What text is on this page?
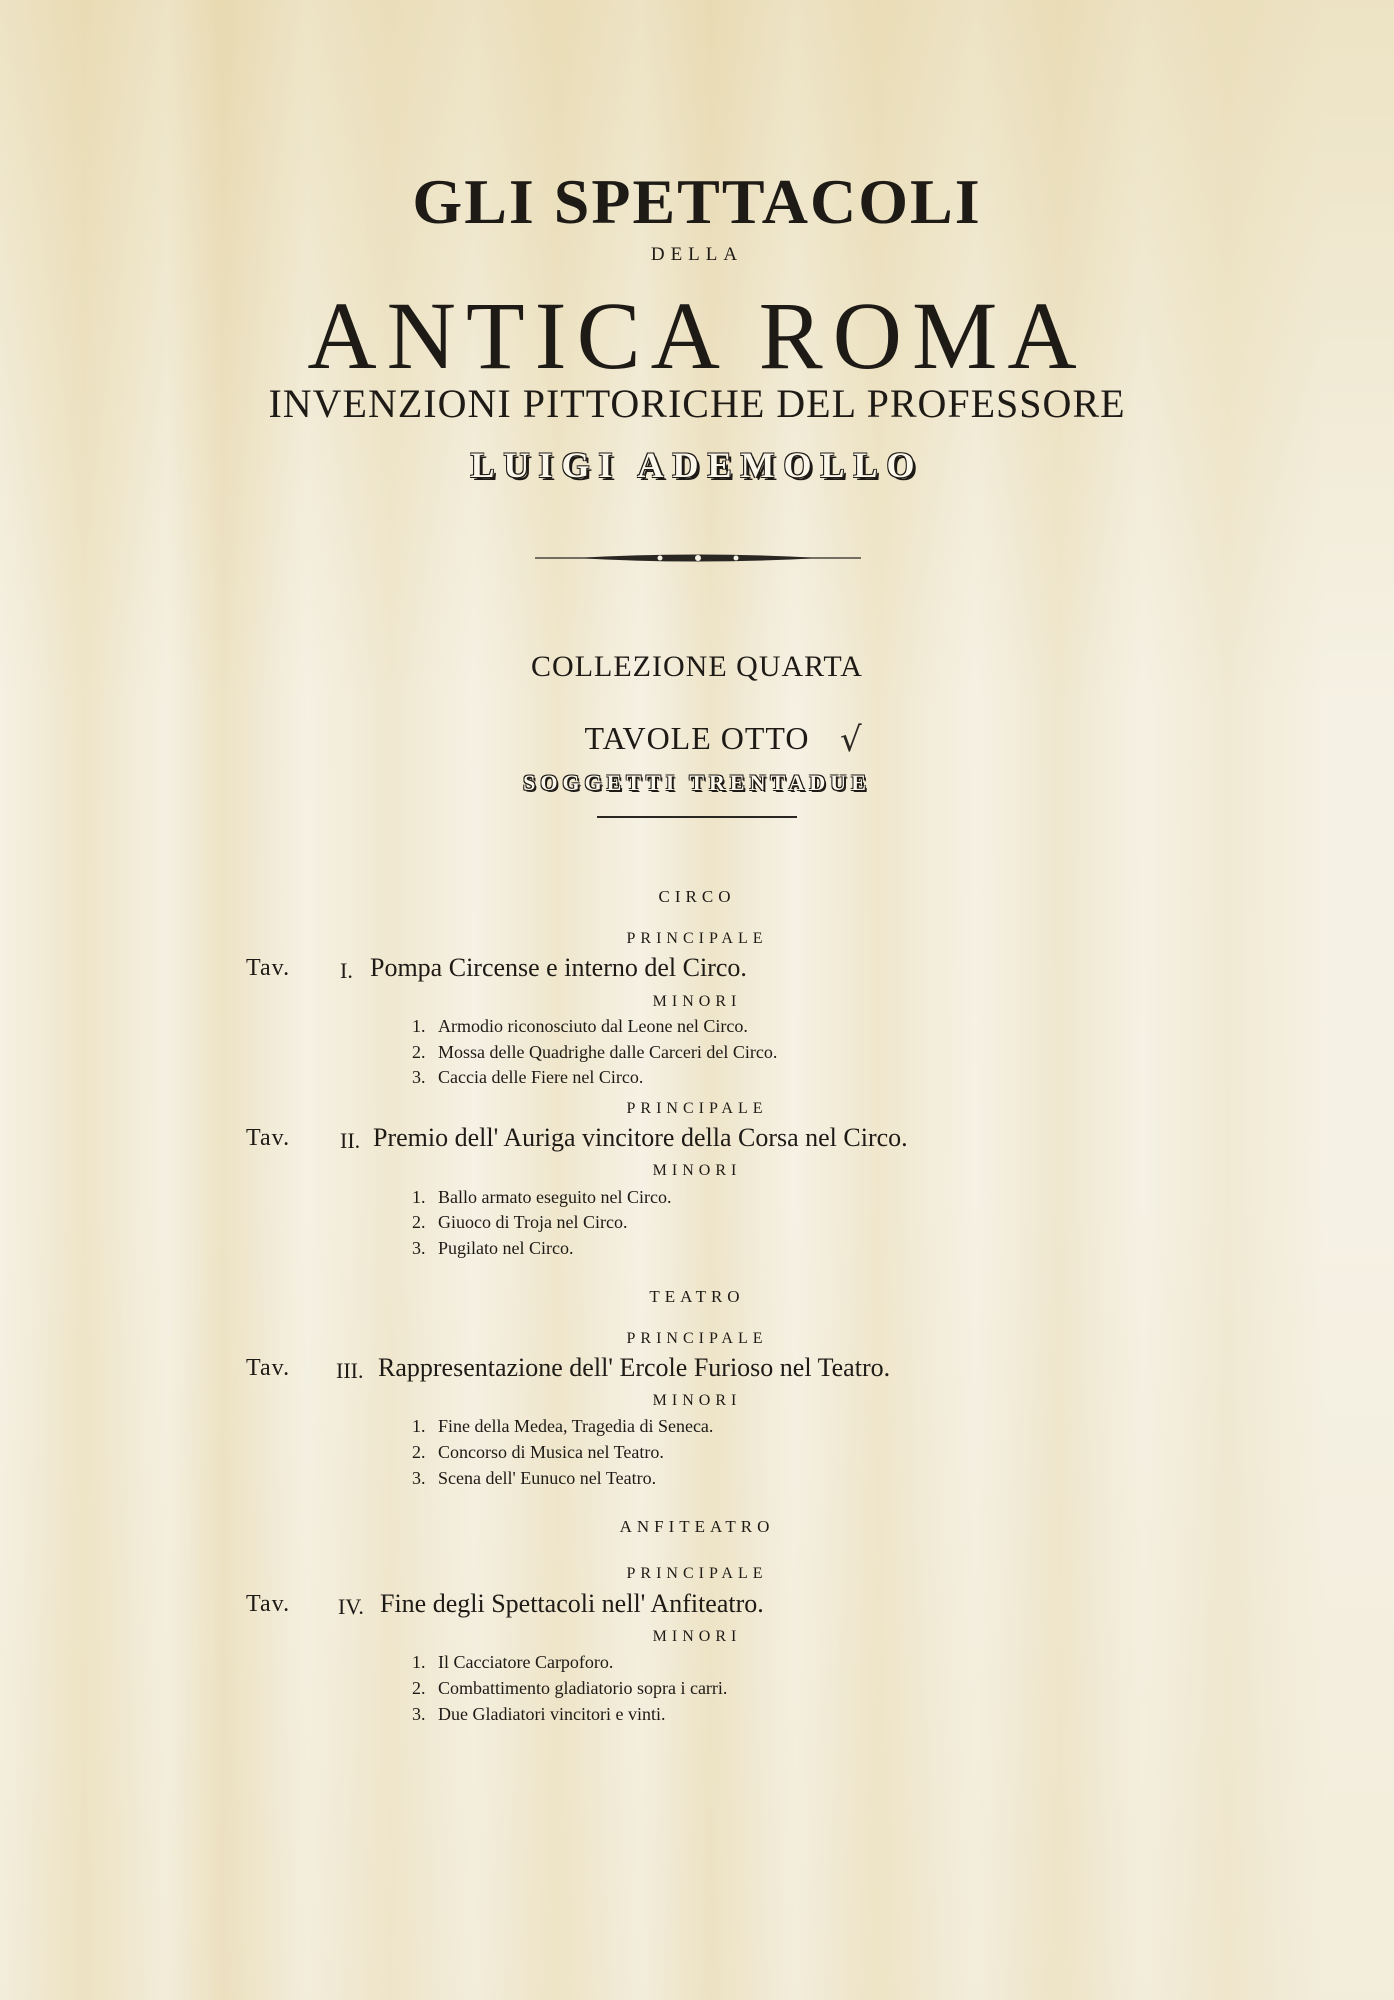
GLI SPETTACOLI
DELLA
ANTICA ROMA
INVENZIONI PITTORICHE DEL PROFESSORE
LUIGI ADEMOLLO
COLLEZIONE QUARTA
TAVOLE OTTO √
SOGGETTI TRENTADUE
CIRCO
PRINCIPALE
Tav. I. Pompa Circense e interno del Circo.
MINORI
1. Armodio riconosciuto dal Leone nel Circo.
2. Mossa delle Quadrighe dalle Carceri del Circo.
3. Caccia delle Fiere nel Circo.
PRINCIPALE
Tav. II. Premio dell' Auriga vincitore della Corsa nel Circo.
MINORI
1. Ballo armato eseguito nel Circo.
2. Giuoco di Troja nel Circo.
3. Pugilato nel Circo.
TEATRO
PRINCIPALE
Tav. III. Rappresentazione dell' Ercole Furioso nel Teatro.
MINORI
1. Fine della Medea, Tragedia di Seneca.
2. Concorso di Musica nel Teatro.
3. Scena dell' Eunuco nel Teatro.
ANFITEATRO
PRINCIPALE
Tav. IV. Fine degli Spettacoli nell' Anfiteatro.
MINORI
1. Il Cacciatore Carpoforo.
2. Combattimento gladiatorio sopra i carri.
3. Due Gladiatori vincitori e vinti.
